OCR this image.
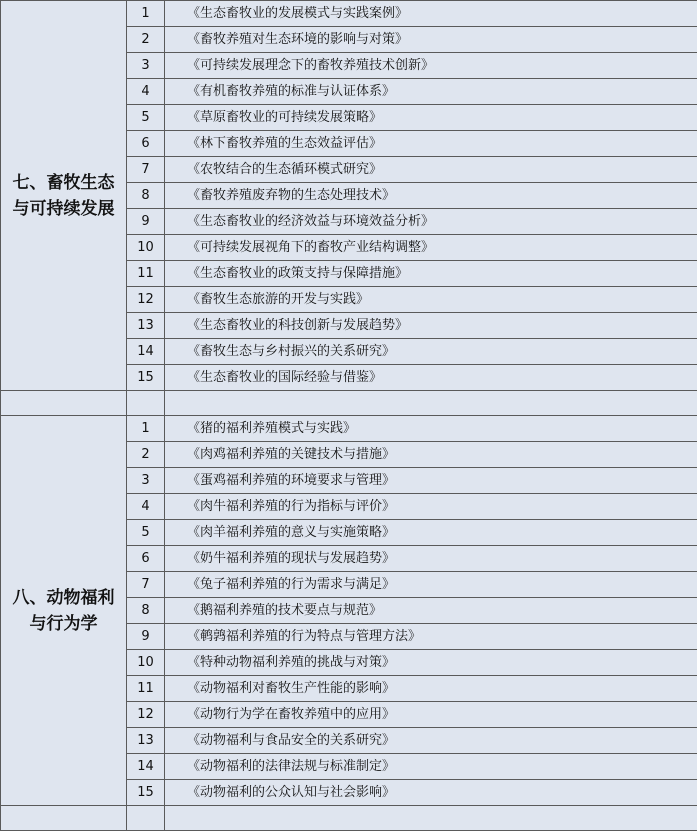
七、畜牧生态与可持续发展	1	《生态畜牧业的发展模式与实践案例》
	2	《畜牧养殖对生态环境的影响与对策》
	3	《可持续发展理念下的畜牧养殖技术创新》
	4	《有机畜牧养殖的标准与认证体系》
	5	《草原畜牧业的可持续发展策略》
	6	《林下畜牧养殖的生态效益评估》
	7	《农牧结合的生态循环模式研究》
	8	《畜牧养殖废弃物的生态处理技术》
	9	《生态畜牧业的经济效益与环境效益分析》
	10	《可持续发展视角下的畜牧产业结构调整》
	11	《生态畜牧业的政策支持与保障措施》
	12	《畜牧生态旅游的开发与实践》
	13	《生态畜牧业的科技创新与发展趋势》
	14	《畜牧生态与乡村振兴的关系研究》
	15	《生态畜牧业的国际经验与借鉴》

八、动物福利与行为学	1	《猪的福利养殖模式与实践》
	2	《肉鸡福利养殖的关键技术与措施》
	3	《蛋鸡福利养殖的环境要求与管理》
	4	《肉牛福利养殖的行为指标与评价》
	5	《肉羊福利养殖的意义与实施策略》
	6	《奶牛福利养殖的现状与发展趋势》
	7	《兔子福利养殖的行为需求与满足》
	8	《鹅福利养殖的技术要点与规范》
	9	《鹌鹑福利养殖的行为特点与管理方法》
	10	《特种动物福利养殖的挑战与对策》
	11	《动物福利对畜牧生产性能的影响》
	12	《动物行为学在畜牧养殖中的应用》
	13	《动物福利与食品安全的关系研究》
	14	《动物福利的法律法规与标准制定》
	15	《动物福利的公众认知与社会影响》
